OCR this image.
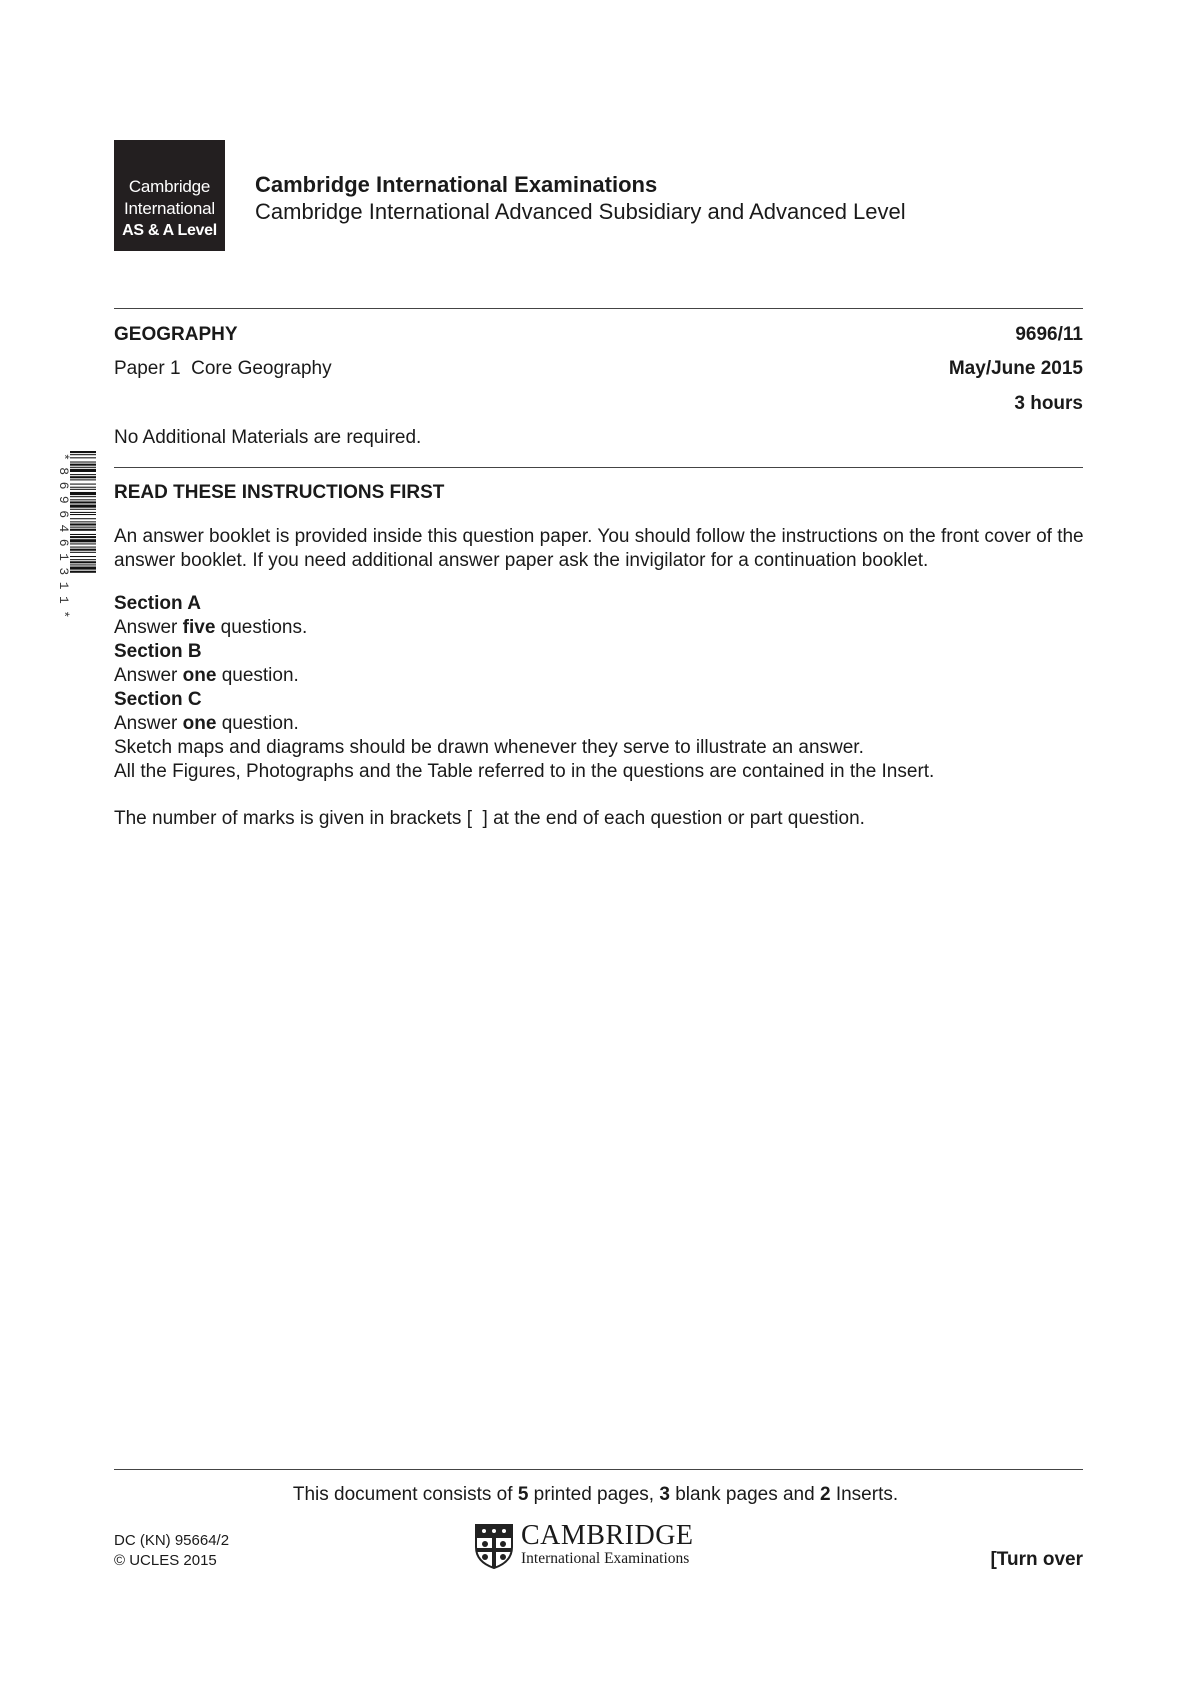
Cambridge
International
AS & A Level
Cambridge International Examinations
Cambridge International Advanced Subsidiary and Advanced Level
GEOGRAPHY	9696/11
Paper 1  Core Geography	May/June 2015
3 hours
No Additional Materials are required.
*8696461311* READ THESE INSTRUCTIONS FIRST

An answer booklet is provided inside this question paper. You should follow the instructions on the front cover of the answer booklet. If you need additional answer paper ask the invigilator for a continuation booklet.

Section A

Answer five questions.

Section B

Answer one question.

Section C

Answer one question.

Sketch maps and diagrams should be drawn whenever they serve to illustrate an answer.

All the Figures, Photographs and the Table referred to in the questions are contained in the Insert.

The number of marks is given in brackets [  ] at the end of each question or part question.

This document consists of 5 printed pages, 3 blank pages and 2 Inserts.
DC (KN) 95664/2
© UCLES 2015
CAMBRIDGE
International Examinations	[Turn over
